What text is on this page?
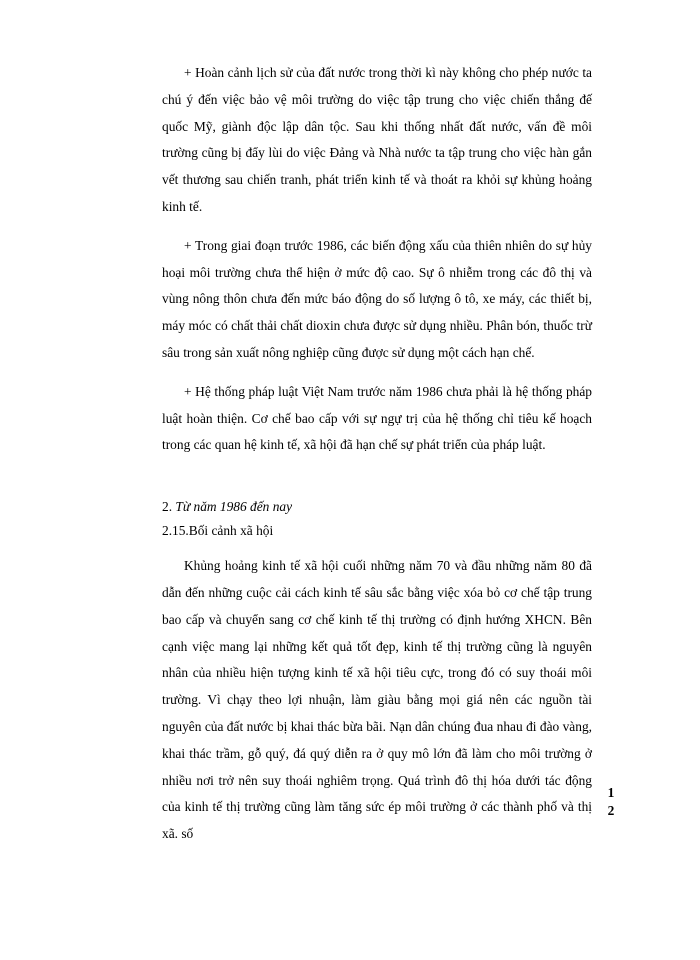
+ Hoàn cảnh lịch sử của đất nước trong thời kì này không cho phép nước ta chú ý đến việc bảo vệ môi trường do việc tập trung cho việc chiến thắng đế quốc Mỹ, giành độc lập dân tộc. Sau khi thống nhất đất nước, vấn đề môi trường cũng bị đẩy lùi do việc Đảng và Nhà nước ta tập trung cho việc hàn gắn vết thương sau chiến tranh, phát triển kinh tế và thoát ra khỏi sự khủng hoảng kinh tế.

+ Trong giai đoạn trước 1986, các biến động xấu của thiên nhiên do sự hủy hoại môi trường chưa thể hiện ở mức độ cao. Sự ô nhiễm trong các đô thị và vùng nông thôn chưa đến mức báo động do số lượng ô tô, xe máy, các thiết bị, máy móc có chất thải chất dioxin chưa được sử dụng nhiều. Phân bón, thuốc trừ sâu trong sản xuất nông nghiệp cũng được sử dụng một cách hạn chế.

+ Hệ thống pháp luật Việt Nam trước năm 1986 chưa phải là hệ thống pháp luật hoàn thiện. Cơ chế bao cấp với sự ngự trị của hệ thống chỉ tiêu kế hoạch trong các quan hệ kinh tế, xã hội đã hạn chế sự phát triển của pháp luật.

2. Từ năm 1986 đến nay

2.15.Bối cảnh xã hội

Khủng hoảng kinh tế xã hội cuối những năm 70 và đầu những năm 80 đã dẫn đến những cuộc cải cách kinh tế sâu sắc bằng việc xóa bỏ cơ chế tập trung bao cấp và chuyển sang cơ chế kinh tế thị trường có định hướng XHCN. Bên cạnh việc mang lại những kết quả tốt đẹp, kinh tế thị trường cũng là nguyên nhân của nhiều hiện tượng kinh tế xã hội tiêu cực, trong đó có suy thoái môi trường. Vì chạy theo lợi nhuận, làm giàu bằng mọi giá nên các nguồn tài nguyên của đất nước bị khai thác bừa bãi. Nạn dân chúng đua nhau đi đào vàng, khai thác trầm, gỗ quý, đá quý diễn ra ở quy mô lớn đã làm cho môi trường ở nhiều nơi trở nên suy thoái nghiêm trọng. Quá trình đô thị hóa dưới tác động của kinh tế thị trường cũng làm tăng sức ép môi trường ở các thành phố và thị xã. số

1
2
